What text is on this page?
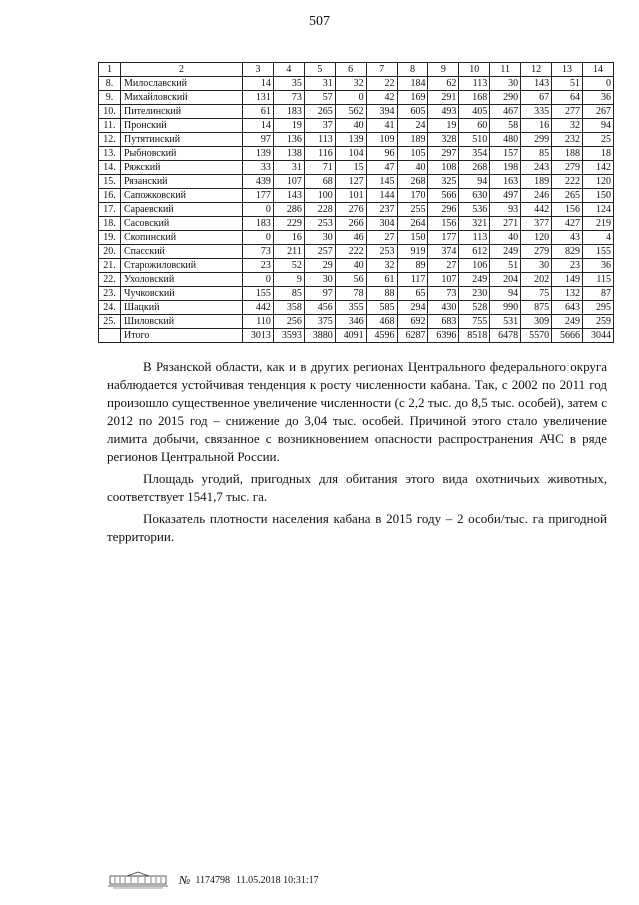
507
1	2	3	4	5	6	7	8	9	10	11	12	13	14
8.	Милославский	14	35	31	32	22	184	62	113	30	143	51	0
9.	Михайловский	131	73	57	0	42	169	291	168	290	67	64	36
10.	Пителинский	61	183	265	562	394	605	493	405	467	335	277	267
11.	Пронский	14	19	37	40	41	24	19	60	58	16	32	94
12.	Путятинский	97	136	113	139	109	189	328	510	480	299	232	25
13.	Рыбновский	139	138	116	104	96	105	297	354	157	85	188	18
14.	Ряжский	33	31	71	15	47	40	108	268	198	243	279	142
15.	Рязанский	439	107	68	127	145	268	325	94	163	189	222	120
16.	Сапожковский	177	143	100	101	144	170	566	630	497	246	265	150
17.	Сараевский	0	286	228	276	237	255	296	536	93	442	156	124
18.	Сасовский	183	229	253	266	304	264	156	321	271	377	427	219
19.	Скопинский	0	16	30	46	27	150	177	113	40	120	43	4
20.	Спасский	73	211	257	222	253	919	374	612	249	279	829	155
21.	Старожиловский	23	52	29	40	32	89	27	106	51	30	23	36
22.	Ухоловский	0	9	30	56	61	117	107	249	204	202	149	115
23.	Чучковский	155	85	97	78	88	65	73	230	94	75	132	87
24.	Шацкий	442	358	456	355	585	294	430	528	990	875	643	295
25.	Шиловский	110	256	375	346	468	692	683	755	531	309	249	259
	Итого	3013	3593	3880	4091	4596	6287	6396	8518	6478	5570	5666	3044

В Рязанской области, как и в других регионах Центрального федерального округа наблюдается устойчивая тенденция к росту численности кабана. Так, с 2002 по 2011 год произошло существенное увеличение численности (с 2,2 тыс. до 8,5 тыс. особей), затем с 2012 по 2015 год – снижение до 3,04 тыс. особей. Причиной этого стало увеличение лимита добычи, связанное с возникновением опасности распространения АЧС в ряде регионов Центральной России.

Площадь угодий, пригодных для обитания этого вида охотничьих животных, соответствует 1541,7 тыс. га.

Показатель плотности населения кабана в 2015 году – 2 особи/тыс. га пригодной территории.

№ 1174798 11.05.2018 10:31:17
